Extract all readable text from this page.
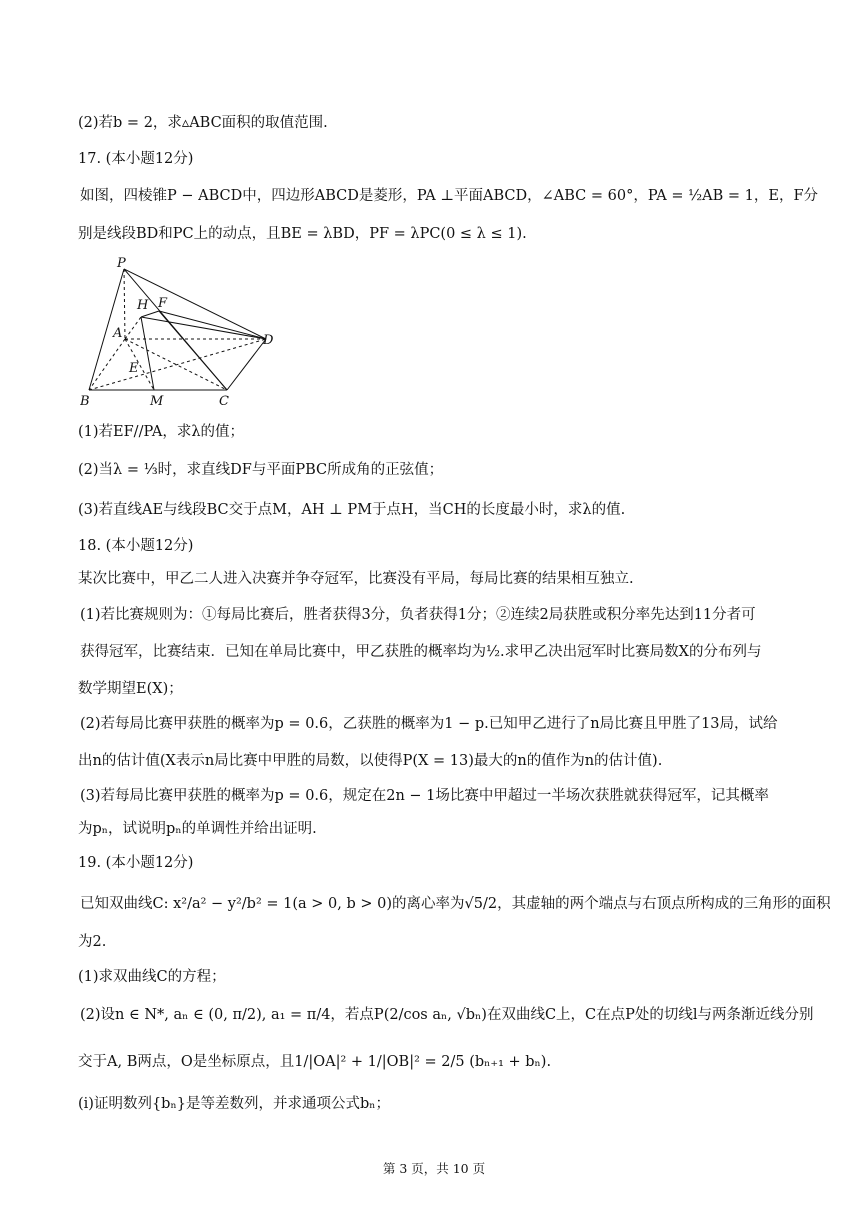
(2)若b = 2，求▵ABC面积的取值范围.
17. (本小题12分)
如图，四棱锥P − ABCD中，四边形ABCD是菱形，PA ⊥平面ABCD，∠ABC = 60°，PA = ½AB = 1，E，F分
别是线段BD和PC上的动点，且BE = λBD，PF = λPC(0 ≤ λ ≤ 1).
P
H F
A	D
E
B	M	C
(1)若EF//PA，求λ的值；
(2)当λ = ⅓时，求直线DF与平面PBC所成角的正弦值；
(3)若直线AE与线段BC交于点M，AH ⊥ PM于点H，当CH的长度最小时，求λ的值.
18. (本小题12分)
某次比赛中，甲乙二人进入决赛并争夺冠军，比赛没有平局，每局比赛的结果相互独立.
(1)若比赛规则为：①每局比赛后，胜者获得3分，负者获得1分；②连续2局获胜或积分率先达到11分者可
获得冠军，比赛结束．已知在单局比赛中，甲乙获胜的概率均为½.求甲乙决出冠军时比赛局数X的分布列与
数学期望E(X)；
(2)若每局比赛甲获胜的概率为p = 0.6，乙获胜的概率为1 − p.已知甲乙进行了n局比赛且甲胜了13局，试给
出n的估计值(X表示n局比赛中甲胜的局数，以使得P(X = 13)最大的n的值作为n的估计值).
(3)若每局比赛甲获胜的概率为p = 0.6，规定在2n − 1场比赛中甲超过一半场次获胜就获得冠军，记其概率
为pₙ，试说明pₙ的单调性并给出证明.
19. (本小题12分)
已知双曲线C: x²/a² − y²/b² = 1(a > 0, b > 0)的离心率为√5/2，其虚轴的两个端点与右顶点所构成的三角形的面积
为2.
(1)求双曲线C的方程；
(2)设n ∈ N*, aₙ ∈ (0, π/2), a₁ = π/4，若点P(2/cos aₙ, √bₙ)在双曲线C上，C在点P处的切线l与两条渐近线分别
交于A, B两点，O是坐标原点，且1/|OA|² + 1/|OB|² = 2/5 (bₙ₊₁ + bₙ).
(i)证明数列{bₙ}是等差数列，并求通项公式bₙ；
第 3 页，共 10 页
